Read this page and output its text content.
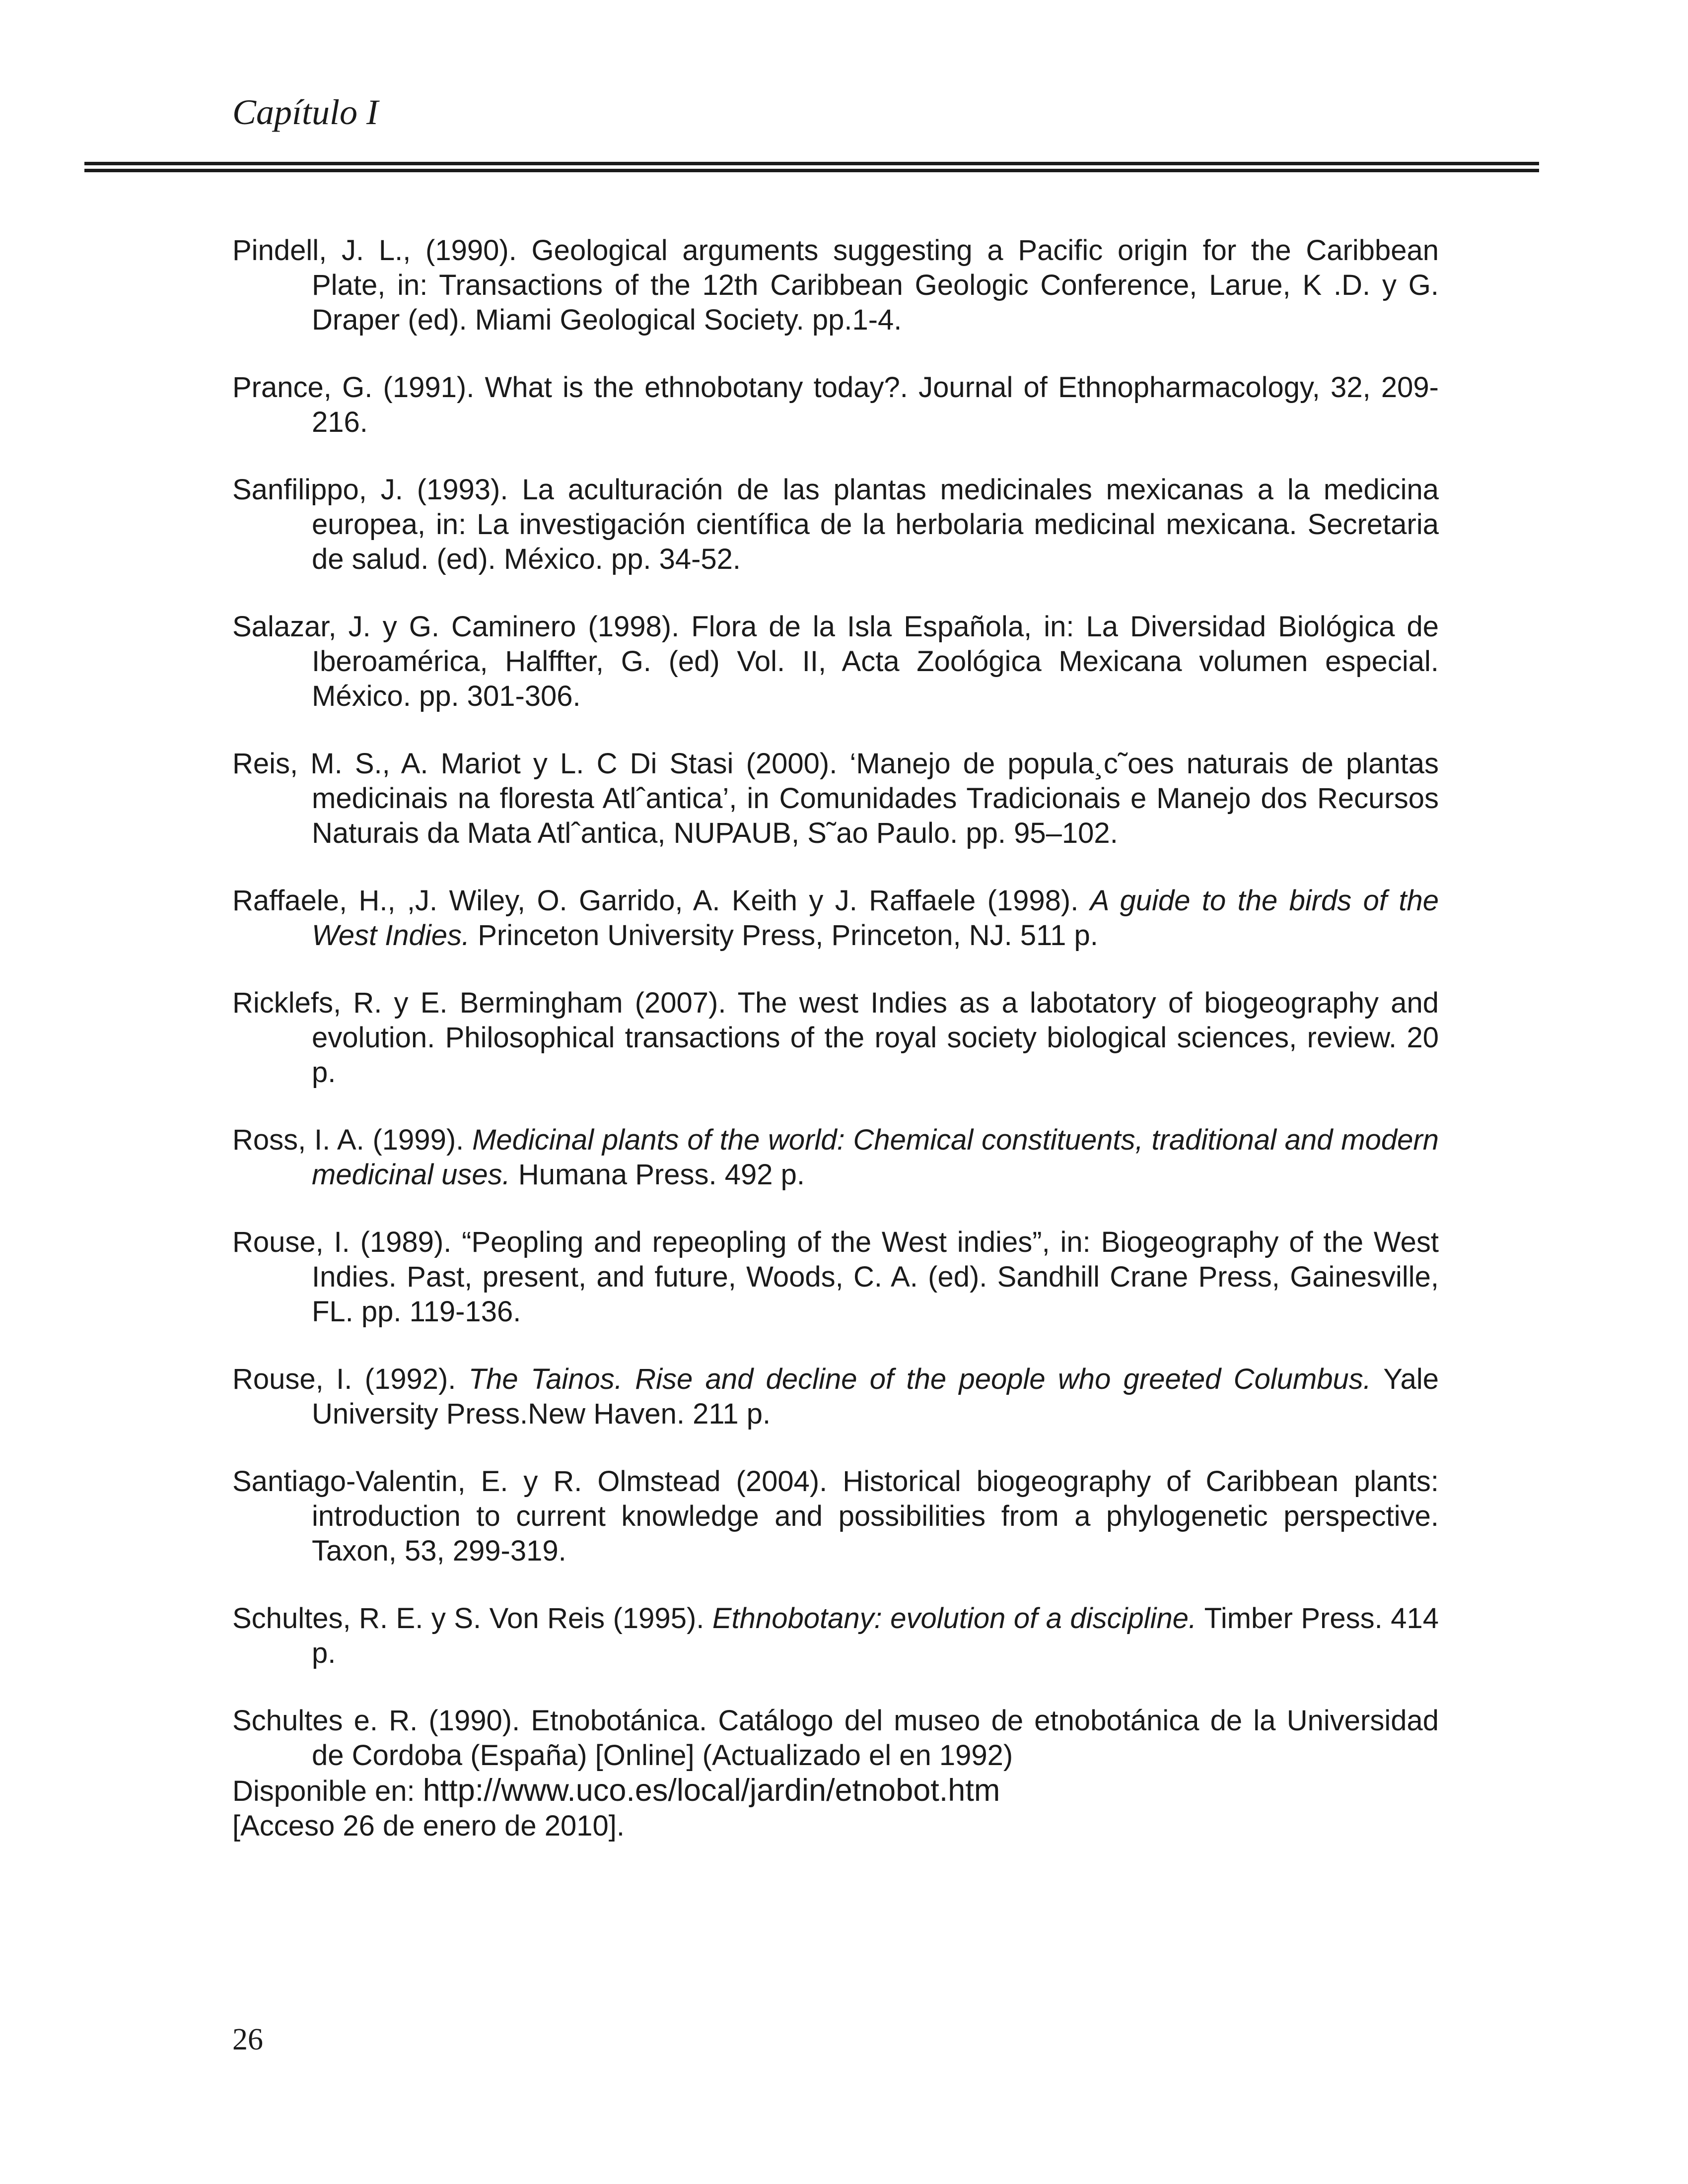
Capítulo I

Pindell, J. L., (1990). Geological arguments suggesting a Pacific origin for the Caribbean Plate, in: Transactions of the 12th Caribbean Geologic Conference, Larue, K .D. y G. Draper (ed). Miami Geological Society. pp.1-4.

Prance, G. (1991). What is the ethnobotany today?. Journal of Ethnopharmacology, 32, 209-216.

Sanfilippo, J. (1993). La aculturación de las plantas medicinales mexicanas a la medicina europea, in: La investigación científica de la herbolaria medicinal mexicana. Secretaria de salud. (ed). México. pp. 34-52.

Salazar, J. y G. Caminero (1998). Flora de la Isla Española, in: La Diversidad Biológica de Iberoamérica, Halffter, G. (ed) Vol. II, Acta Zoológica Mexicana volumen especial. México. pp. 301-306.

Reis, M. S., A. Mariot y L. C Di Stasi (2000). ‘Manejo de popula¸c˜oes naturais de plantas medicinais na floresta Atlˆantica’, in Comunidades Tradicionais e Manejo dos Recursos Naturais da Mata Atlˆantica, NUPAUB, S˜ao Paulo. pp. 95–102.

Raffaele, H., ,J. Wiley, O. Garrido, A. Keith y J. Raffaele (1998). A guide to the birds of the West Indies. Princeton University Press, Princeton, NJ. 511 p.

Ricklefs, R. y E. Bermingham (2007). The west Indies as a labotatory of biogeography and evolution. Philosophical transactions of the royal society biological sciences, review. 20 p.

Ross, I. A. (1999). Medicinal plants of the world: Chemical constituents, traditional and modern medicinal uses. Humana Press. 492 p.

Rouse, I. (1989). “Peopling and repeopling of the West indies”, in: Biogeography of the West Indies. Past, present, and future, Woods, C. A. (ed). Sandhill Crane Press, Gainesville, FL. pp. 119-136.

Rouse, I. (1992). The Tainos. Rise and decline of the people who greeted Columbus. Yale University Press.New Haven. 211 p.

Santiago-Valentin, E. y R. Olmstead (2004). Historical biogeography of Caribbean plants: introduction to current knowledge and possibilities from a phylogenetic perspective. Taxon, 53, 299-319.

Schultes, R. E. y S. Von Reis (1995). Ethnobotany: evolution of a discipline. Timber Press. 414 p.

Schultes e. R. (1990). Etnobotánica. Catálogo del museo de etnobotánica de la Universidad de Cordoba (España) [Online] (Actualizado el en 1992)
Disponible en: http://www.uco.es/local/jardin/etnobot.htm
[Acceso 26 de enero de 2010].

26
